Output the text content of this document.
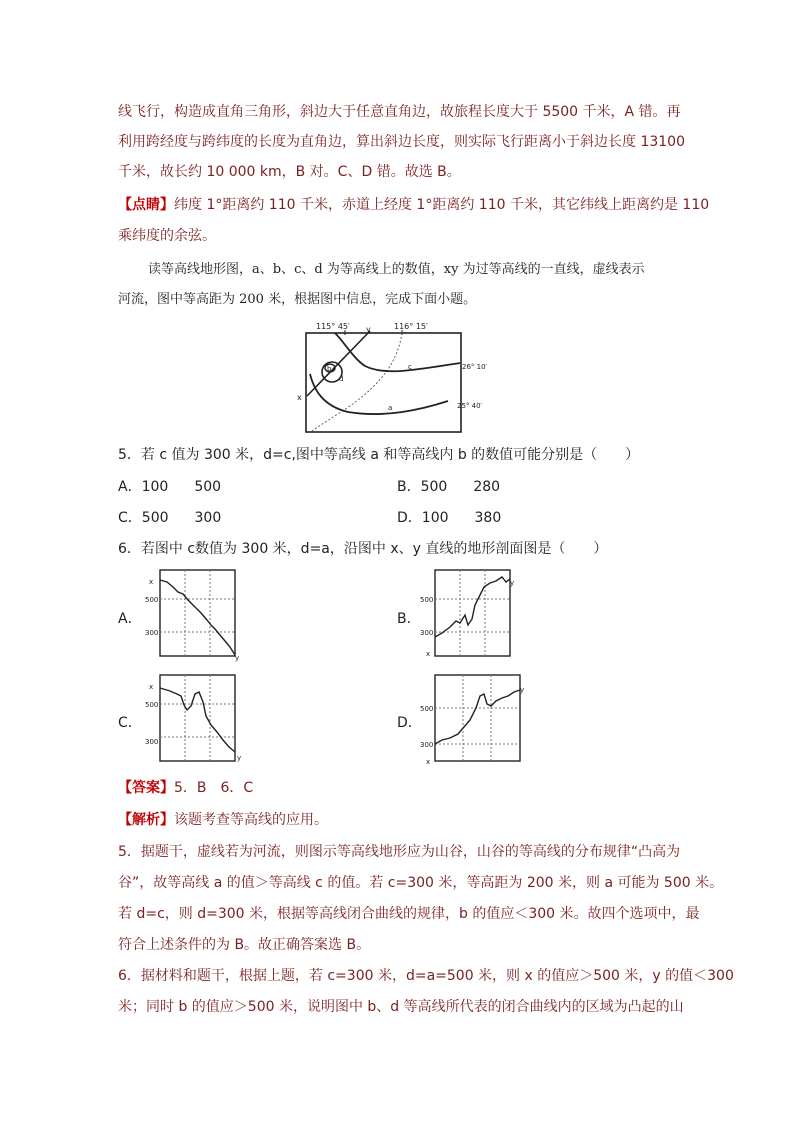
线飞行，构造成直角三角形，斜边大于任意直角边，故旅程长度大于 5500 千米，A 错。再
利用跨经度与跨纬度的长度为直角边，算出斜边长度，则实际飞行距离小于斜边长度 13100
千米，故长约 10 000 km，B 对。C、D 错。故选 B。
【点睛】纬度 1°距离约 110 千米，赤道上经度 1°距离约 110 千米，其它纬线上距离约是 110
乘纬度的余弦。
读等高线地形图，a、b、c、d 为等高线上的数值，xy 为过等高线的一直线，虚线表示
河流，图中等高距为 200 米，根据图中信息，完成下面小题。
115° 45′	116° 15′
26° 10′
25° 40′
x
y
c
a
b
d
5．若 c 值为 300 米，d=c,图中等高线 a 和等高线内 b 的数值可能分别是（　　）
A．100 500	B．500 280
C．500 300	D．100 380
6．若图中 c数值为 300 米，d=a，沿图中 x、y 直线的地形剖面图是（　　）
A．
500
300
x
y
B．
500
300
x
y
C．
500
300
x
y
D．
500
300
x
y
【答案】5．B　6．C
【解析】该题考查等高线的应用。
5．据题干，虚线若为河流，则图示等高线地形应为山谷，山谷的等高线的分布规律“凸高为
谷”，故等高线 a 的值＞等高线 c 的值。若 c=300 米，等高距为 200 米，则 a 可能为 500 米。
若 d=c，则 d=300 米，根据等高线闭合曲线的规律，b 的值应＜300 米。故四个选项中，最
符合上述条件的为 B。故正确答案选 B。
6．据材料和题干，根据上题，若 c=300 米，d=a=500 米，则 x 的值应＞500 米，y 的值＜300
米；同时 b 的值应＞500 米，说明图中 b、d 等高线所代表的闭合曲线内的区域为凸起的山
